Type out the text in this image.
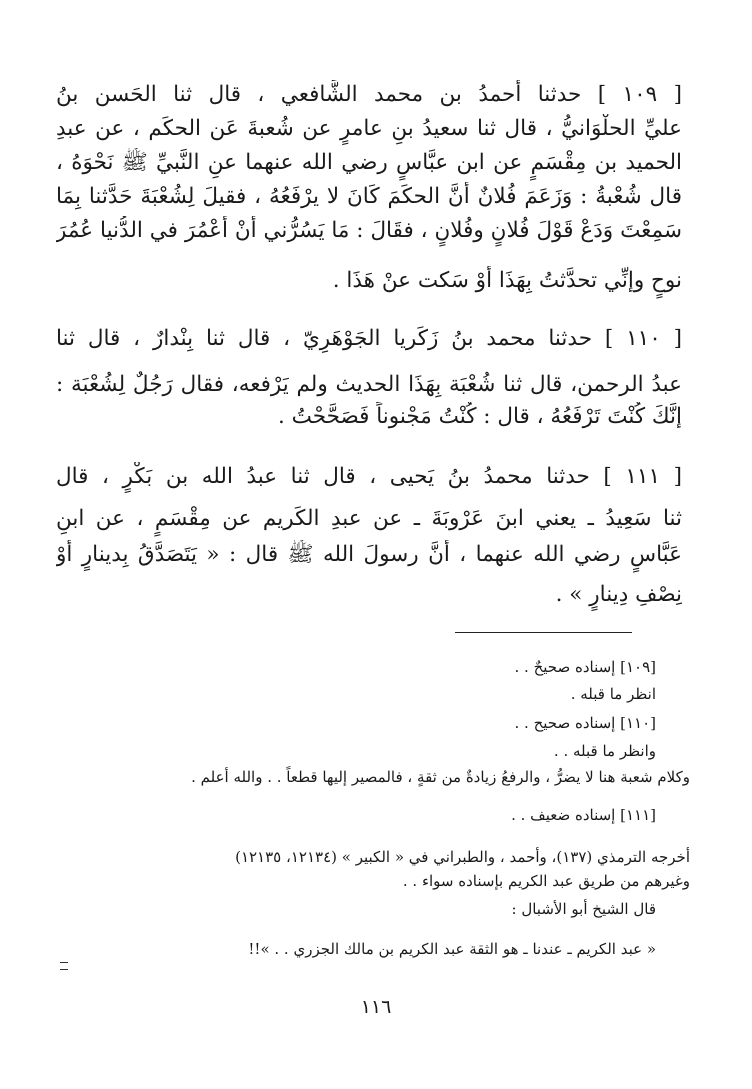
[ ١٠٩ ] حدثنا أحمدُ بن محمد الشَّافعي ، قال ثنا الحَسن بنُ
عليِّ الحلْوَانيُّ ، قال ثنا سعيدُ بنِ عامرٍ عن شُعبةَ عَن الحكَم ، عن عبدِ
الحميد بن مِقْسَمٍ عن ابن عبَّاسٍ رضي الله عنهما عنِ النَّبيِّ ﷺ نَحْوَهُ ،
قال شُعْبةُ : وَزَعَمَ فُلانٌ أنَّ الحكَمَ كَانَ لا يرْفَعُهُ ، فقيلَ لِشُعْبَةَ حَدَّثنا بِمَا
سَمِعْتَ وَدَعْ قَوْلَ فُلانٍ وفُلانٍ ، فقَالَ : مَا يَسُرُّني أنْ أعْمُرَ في الدُّنيا عُمُرَ
نوحٍ وإنِّي تحدَّثتُ بِهَذَا أوْ سَكت عنْ هَذَا .
[ ١١٠ ] حدثنا محمد بنُ زَكَريا الجَوْهَرِيّ ، قال ثنا بِنْدارٌ ، قال ثنا
عبدُ الرحمن، قال ثنا شُعْبَة بِهَذَا الحديث ولم يَرْفعه، فقال رَجُلٌ لِشُعْبَة :
إنَّكَ كُنْتَ تَرْفَعُهُ ، قال : كُنْتُ مَجْنوناً فَصَحَّحْتُ .
[ ١١١ ] حدثنا محمدُ بنُ يَحيى ، قال ثنا عبدُ الله بن بَكْرٍ ، قال
ثنا سَعِيدُ ـ يعني ابنَ عَرْوبَةَ ـ عن عبدِ الكَريم عن مِقْسَمٍ ، عن ابنِ
عَبَّاسٍ رضي الله عنهما ، أنَّ رسولَ الله ﷺ قال : « يَتَصَدَّقُ بِدينارٍ أوْ
نِصْفِ دِينارٍ » .
[١٠٩] إسناده صحيحٌ . .
انظر ما قبله .
[١١٠] إسناده صحيح . .
وانظر ما قبله . .
وكلام شعبة هنا لا يضرُّ ، والرفعُ زيادةٌ من ثقةٍ ، فالمصير إليها قطعاً . . والله أعلم .
[١١١] إسناده ضعيف . .
أخرجه الترمذي (١٣٧)، وأحمد ، والطبراني في « الكبير » (١٢١٣٤، ١٢١٣٥)
وغيرهم من طريق عبد الكريم بإسناده سواء . .
قال الشيخ أبو الأشبال :
« عبد الكريم ـ عندنا ـ هو الثقة عبد الكريم بن مالك الجزري . . »!!
١١٦
